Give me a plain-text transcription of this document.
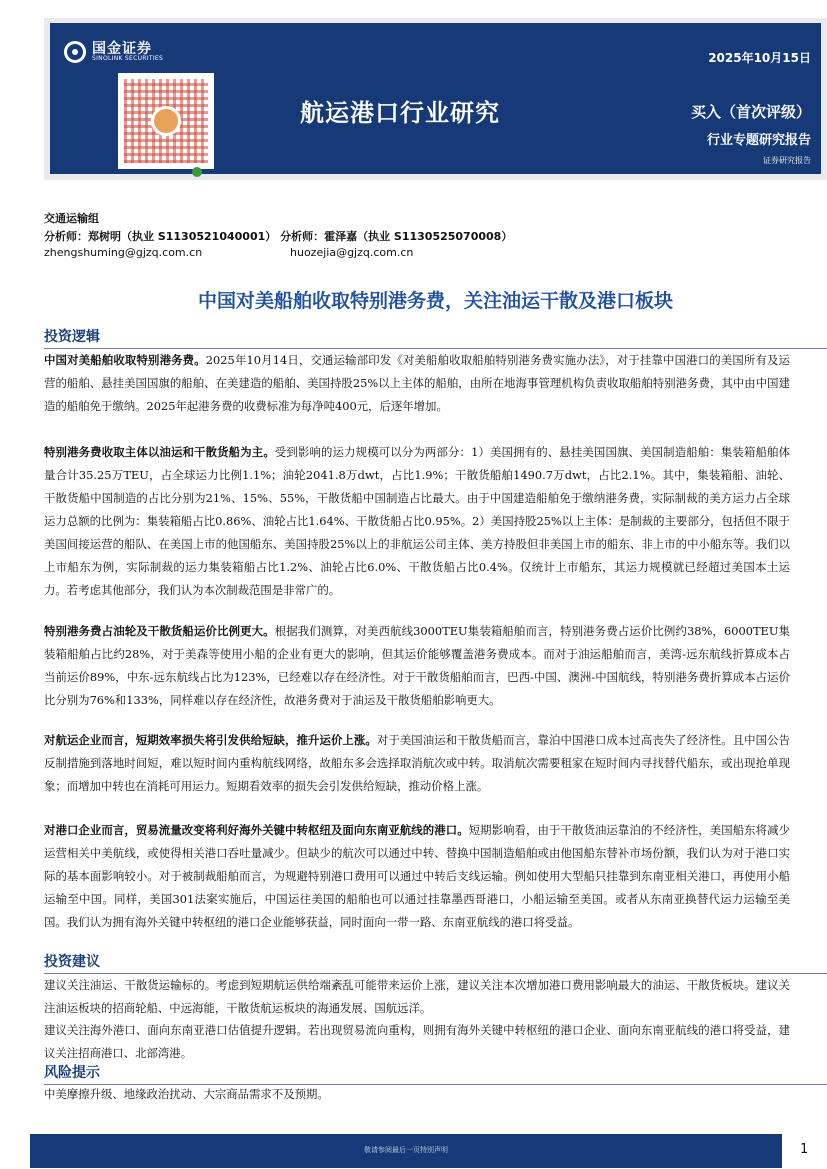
国金证券
SINOLINK SECURITIES
航运港口行业研究
2025年10月15日
买入（首次评级）
行业专题研究报告
证券研究报告
交通运输组
分析师：郑树明（执业 S1130521040001） 分析师：霍泽嘉（执业 S1130525070008）
zhengshuming@gjzq.com.cn	huozejia@gjzq.com.cn
中国对美船舶收取特别港务费，关注油运干散及港口板块
投资逻辑
中国对美船舶收取特别港务费。2025年10月14日，交通运输部印发《对美船舶收取船舶特别港务费实施办法》，对于挂靠中国港口的美国所有及运营的船舶、悬挂美国国旗的船舶、在美建造的船舶、美国持股25%以上主体的船舶，由所在地海事管理机构负责收取船舶特别港务费，其中由中国建造的船舶免于缴纳。2025年起港务费的收费标准为每净吨400元，后逐年增加。
特别港务费收取主体以油运和干散货船为主。受到影响的运力规模可以分为两部分：1）美国拥有的、悬挂美国国旗、美国制造船舶：集装箱船舶体量合计35.25万TEU，占全球运力比例1.1%；油轮2041.8万dwt，占比1.9%；干散货船舶1490.7万dwt，占比2.1%。其中，集装箱船、油轮、干散货船中国制造的占比分别为21%、15%、55%，干散货船中国制造占比最大。由于中国建造船舶免于缴纳港务费，实际制裁的美方运力占全球运力总额的比例为：集装箱船占比0.86%、油轮占比1.64%、干散货船占比0.95%。2）美国持股25%以上主体：是制裁的主要部分，包括但不限于美国间接运营的船队、在美国上市的他国船东、美国持股25%以上的非航运公司主体、美方持股但非美国上市的船东、非上市的中小船东等。我们以上市船东为例，实际制裁的运力集装箱船占比1.2%、油轮占比6.0%、干散货船占比0.4%。仅统计上市船东，其运力规模就已经超过美国本土运力。若考虑其他部分，我们认为本次制裁范围是非常广的。
特别港务费占油轮及干散货船运价比例更大。根据我们测算，对美西航线3000TEU集装箱船舶而言，特别港务费占运价比例约38%，6000TEU集装箱船舶占比约28%，对于美森等使用小船的企业有更大的影响，但其运价能够覆盖港务费成本。而对于油运船舶而言，美湾-远东航线折算成本占当前运价89%，中东-远东航线占比为123%，已经难以存在经济性。对于干散货船舶而言，巴西-中国、澳洲-中国航线，特别港务费折算成本占运价比分别为76%和133%，同样难以存在经济性，故港务费对于油运及干散货船舶影响更大。
对航运企业而言，短期效率损失将引发供给短缺，推升运价上涨。对于美国油运和干散货船而言，靠泊中国港口成本过高丧失了经济性。且中国公告反制措施到落地时间短，难以短时间内重构航线网络，故船东多会选择取消航次或中转。取消航次需要租家在短时间内寻找替代船东，或出现抢单现象；而增加中转也在消耗可用运力。短期看效率的损失会引发供给短缺，推动价格上涨。
对港口企业而言，贸易流量改变将利好海外关键中转枢纽及面向东南亚航线的港口。短期影响看，由于干散货油运靠泊的不经济性，美国船东将减少运营相关中美航线，或使得相关港口吞吐量减少。但缺少的航次可以通过中转、替换中国制造船舶或由他国船东替补市场份额，我们认为对于港口实际的基本面影响较小。对于被制裁船舶而言，为规避特别港口费用可以通过中转后支线运输。例如使用大型船只挂靠到东南亚相关港口，再使用小船运输至中国。同样，美国301法案实施后，中国运往美国的船舶也可以通过挂靠墨西哥港口，小船运输至美国。或者从东南亚换替代运力运输至美国。我们认为拥有海外关键中转枢纽的港口企业能够获益，同时面向一带一路、东南亚航线的港口将受益。
投资建议
建议关注油运、干散货运输标的。考虑到短期航运供给端紊乱可能带来运价上涨，建议关注本次增加港口费用影响最大的油运、干散货板块。建议关注油运板块的招商轮船、中远海能，干散货航运板块的海通发展、国航远洋。
建议关注海外港口、面向东南亚港口估值提升逻辑。若出现贸易流向重构，则拥有海外关键中转枢纽的港口企业、面向东南亚航线的港口将受益，建议关注招商港口、北部湾港。
风险提示
中美摩擦升级、地缘政治扰动、大宗商品需求不及预期。
敬请参阅最后一页特别声明	1
